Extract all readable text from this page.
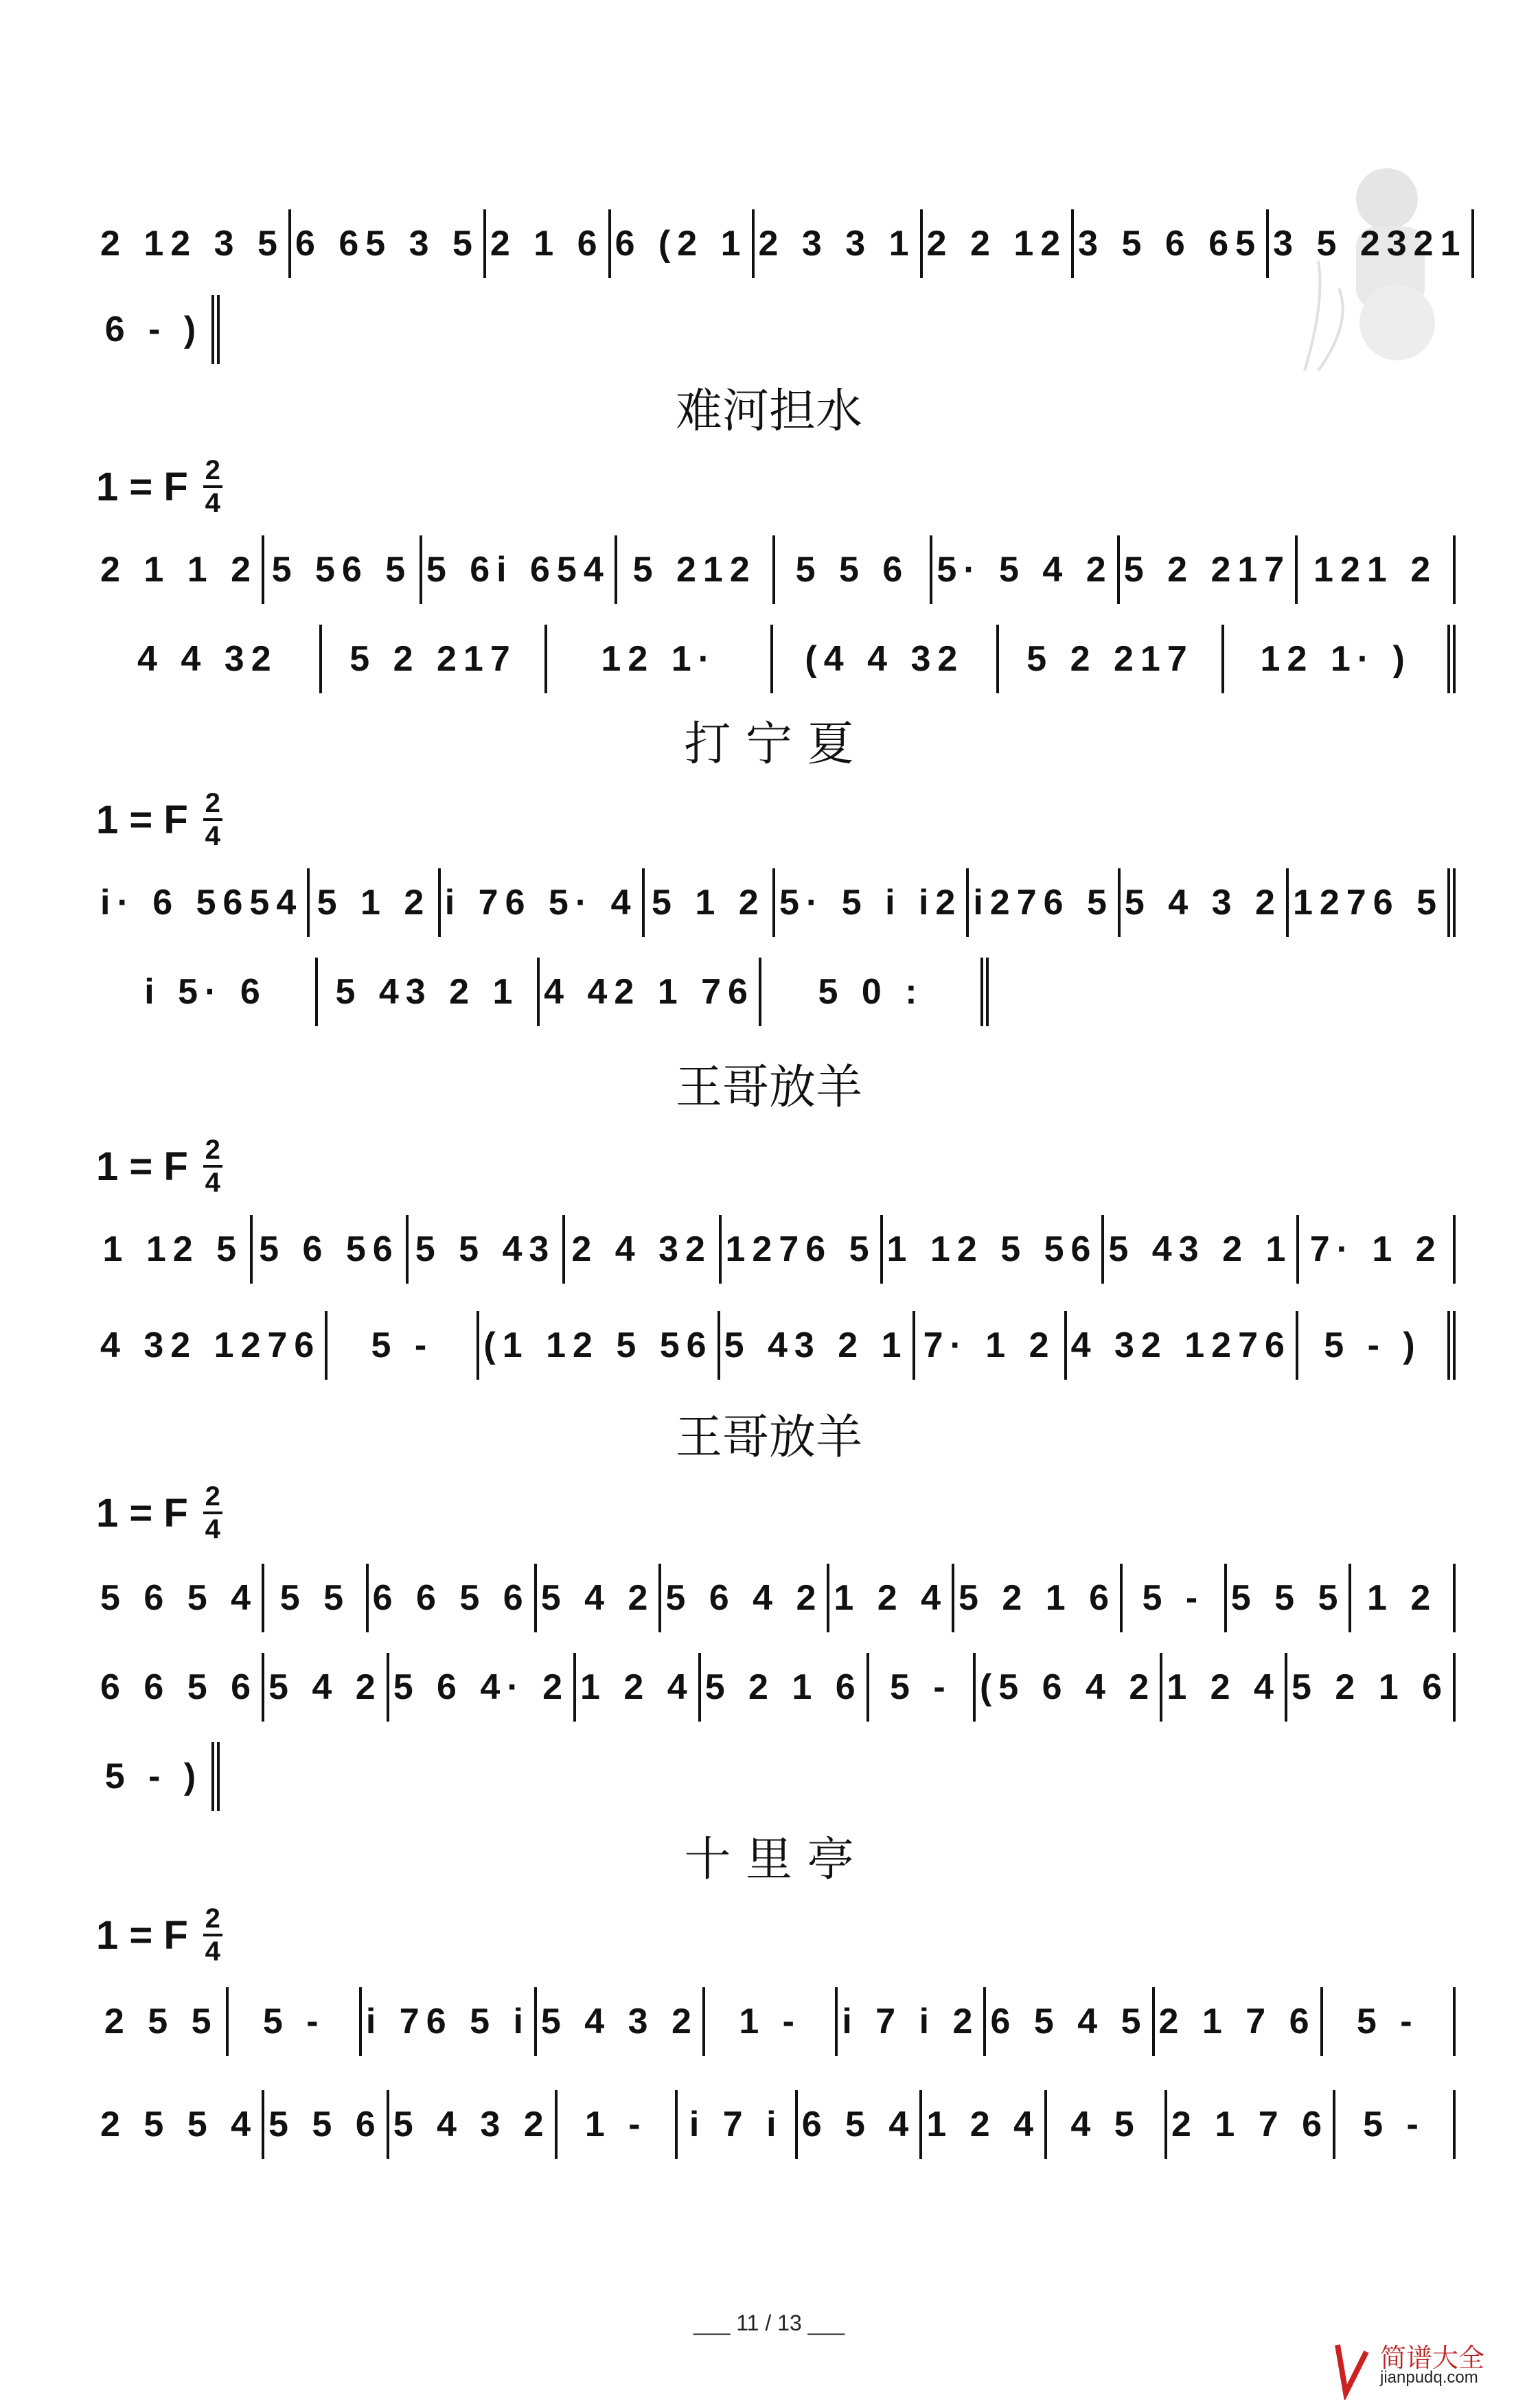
2 12 3 5 6 65 3 5 2 1 6 6 (2 1 2 3 3 1 2 2 12 3 5 6 65 3 5 2321
6 - )
难河担水
1 = F $\frac{2}{4}$
2 1 1 2 5 56 5 5 6i 654 5 212 5 5 6 5· 5 4 2 5 2 217 121 2
4 4 32 5 2 217 12 1· (4 4 32 5 2 217 12 1· )
打 宁 夏
1 = F $\frac{2}{4}$
i· 6 5654 5 1 2 i 76 5· 4 5 1 2 5· 5 i i2 i276 5 5 4 3 2 1276 5
i 5· 6 5 43 2 1 4 42 1 76 5 0 :
王哥放羊
1 = F $\frac{2}{4}$
1 12 5 5 6 56 5 5 43 2 4 32 1276 5 1 12 5 56 5 43 2 1 7· 1 2
4 32 1276 5 - (1 12 5 56 5 43 2 1 7· 1 2 4 32 1276 5 - )
王哥放羊
1 = F $\frac{2}{4}$
5 6 5 4 5 5 6 6 5 6 5 4 2 5 6 4 2 1 2 4 5 2 1 6 5 - 5 5 5 1 2
6 6 5 6 5 4 2 5 6 4· 2 1 2 4 5 2 1 6 5 - (5 6 4 2 1 2 4 5 2 1 6
5 - )
十 里 亭
1 = F $\frac{2}{4}$
2 5 5 5 - i 76 5 i 5 4 3 2 1 - i 7 i 2 6 5 4 5 2 1 7 6 5 -
2 5 5 4 5 5 6 5 4 3 2 1 - i 7 i 6 5 4 1 2 4 4 5 2 1 7 6 5 -
___ 11 / 13 ___
简谱大全
jianpudq.com
